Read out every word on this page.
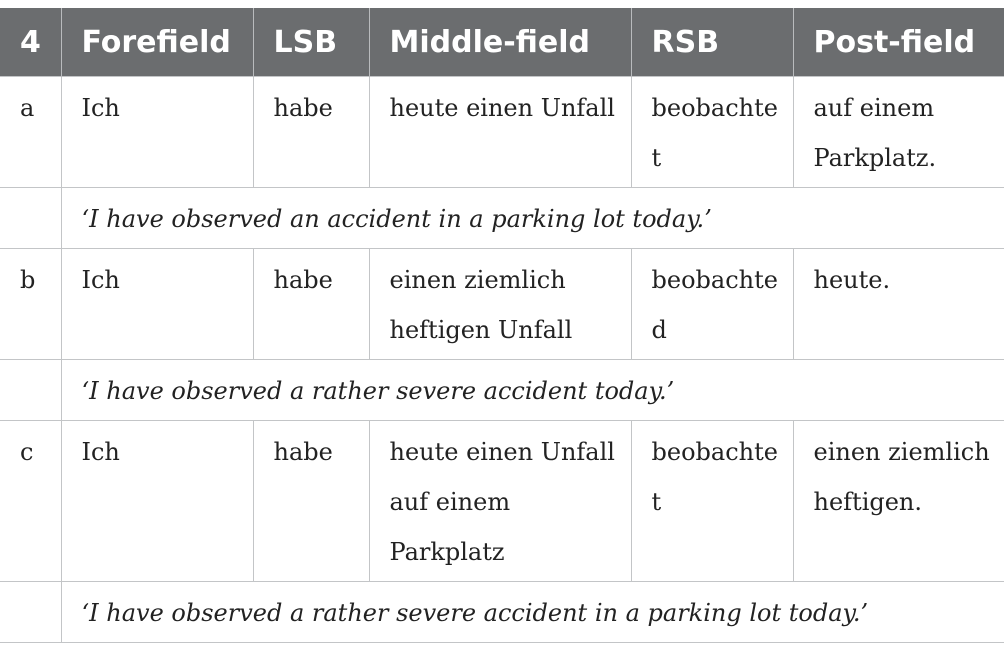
4	Forefield	LSB	Middle-field	RSB	Post-field
a	Ich	habe	heute einen Unfall	beobachtet	auf einem Parkplatz.
	‘I have observed an accident in a parking lot today.’				
b	Ich	habe	einen ziemlich heftigen Unfall	beobachted	heute.
	‘I have observed a rather severe accident today.’				
c	Ich	habe	heute einen Unfall auf einem Parkplatz	beobachtet	einen ziemlich heftigen.
	‘I have observed a rather severe accident in a parking lot today.’				
